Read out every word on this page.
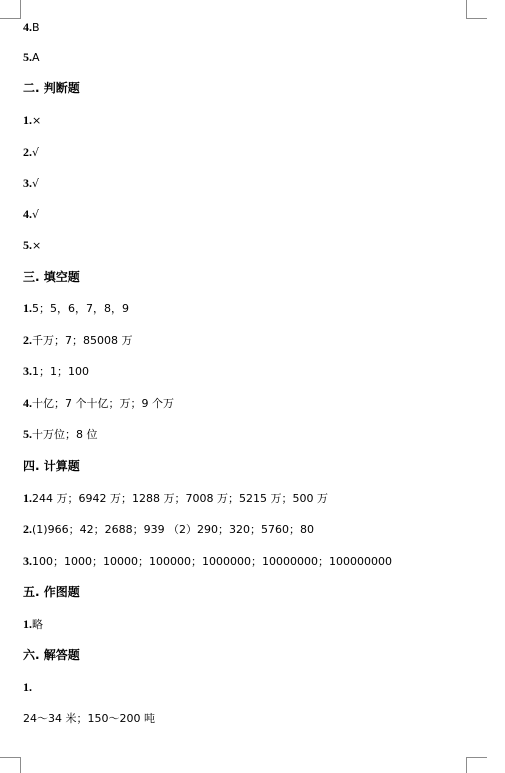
4.B
5.A
二. 判断题
1.×
2.√
3.√
4.√
5.×
三. 填空题
1.5；5，6，7，8，9
2.千万；7；85008 万
3.1；1；100
4.十亿；7 个十亿；万；9 个万
5.十万位；8 位
四. 计算题
1.244 万；6942 万；1288 万；7008 万；5215 万；500 万
2.(1)966；42；2688；939 （2）290；320；5760；80
3.100；1000；10000；100000；1000000；10000000；100000000
五. 作图题
1.略
六. 解答题
1.
24～34 米；150～200 吨
